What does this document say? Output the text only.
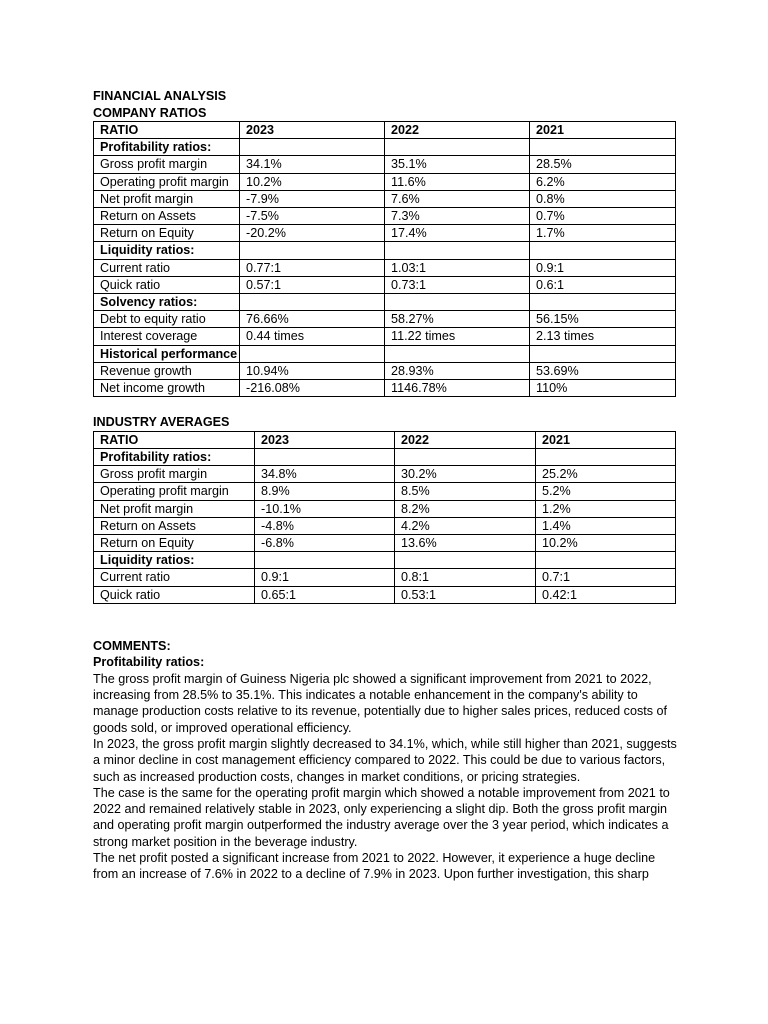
FINANCIAL ANALYSIS
COMPANY RATIOS
RATIO	2023	2022	2021
Profitability ratios:			
Gross profit margin	34.1%	35.1%	28.5%
Operating profit margin	10.2%	11.6%	6.2%
Net profit margin	-7.9%	7.6%	0.8%
Return on Assets	-7.5%	7.3%	0.7%
Return on Equity	-20.2%	17.4%	1.7%
Liquidity ratios:			
Current ratio	0.77:1	1.03:1	0.9:1
Quick ratio	0.57:1	0.73:1	0.6:1
Solvency ratios:			
Debt to equity ratio	76.66%	58.27%	56.15%
Interest coverage	0.44 times	11.22 times	2.13 times
Historical performance			
Revenue growth	10.94%	28.93%	53.69%
Net income growth	-216.08%	1146.78%	110%
INDUSTRY AVERAGES
RATIO	2023	2022	2021
Profitability ratios:			
Gross profit margin	34.8%	30.2%	25.2%
Operating profit margin	8.9%	8.5%	5.2%
Net profit margin	-10.1%	8.2%	1.2%
Return on Assets	-4.8%	4.2%	1.4%
Return on Equity	-6.8%	13.6%	10.2%
Liquidity ratios:			
Current ratio	0.9:1	0.8:1	0.7:1
Quick ratio	0.65:1	0.53:1	0.42:1
COMMENTS:
Profitability ratios:

The gross profit margin of Guiness Nigeria plc showed a significant improvement from 2021 to 2022, increasing from 28.5% to 35.1%. This indicates a notable enhancement in the company's ability to manage production costs relative to its revenue, potentially due to higher sales prices, reduced costs of goods sold, or improved operational efficiency.

In 2023, the gross profit margin slightly decreased to 34.1%, which, while still higher than 2021, suggests a minor decline in cost management efficiency compared to 2022. This could be due to various factors, such as increased production costs, changes in market conditions, or pricing strategies.

The case is the same for the operating profit margin which showed a notable improvement from 2021 to 2022 and remained relatively stable in 2023, only experiencing a slight dip. Both the gross profit margin and operating profit margin outperformed the industry average over the 3 year period, which indicates a strong market position in the beverage industry.

The net profit posted a significant increase from 2021 to 2022. However, it experience a huge decline from an increase of 7.6% in 2022 to a decline of 7.9% in 2023. Upon further investigation, this sharp
